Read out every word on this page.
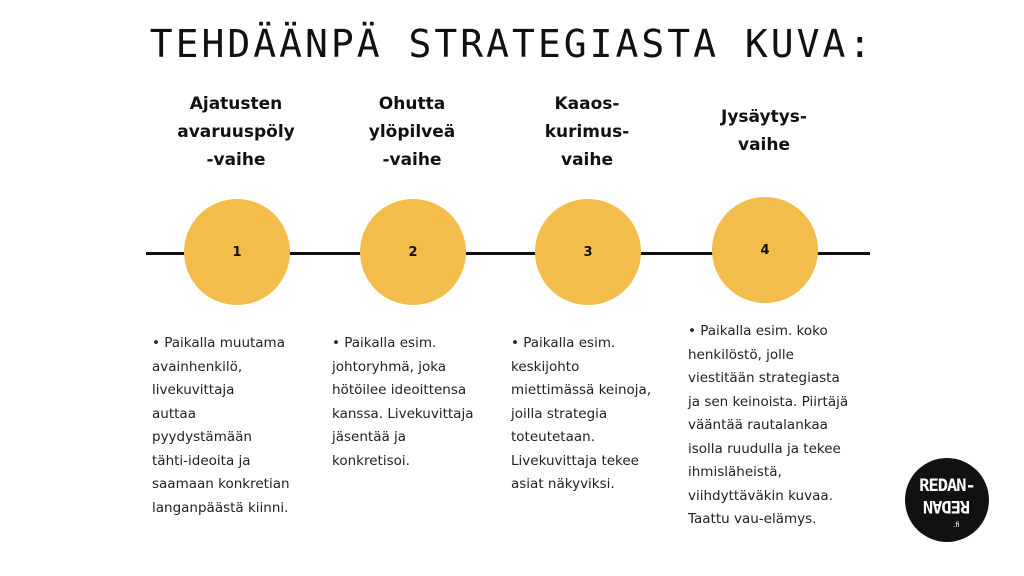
TEHDÄÄNPÄ STRATEGIASTA KUVA:
Ajatusten
avaruuspöly
-vaihe
1
• Paikalla muutama
avainhenkilö,
livekuvittaja
auttaa
pyydystämään
tähti-ideoita ja
saamaan konkretian
langanpäästä kiinni.
Ohutta
ylöpilveä
-vaihe
2
• Paikalla esim.
johtoryhmä, joka
hötöilee ideoittensa
kanssa. Livekuvittaja
jäsentää ja
konkretisoi.
Kaaos-
kurimus-
vaihe
3
• Paikalla esim.
keskijohto
miettimässä keinoja,
joilla strategia
toteutetaan.
Livekuvittaja tekee
asiat näkyviksi.
Jysäytys-
vaihe
4
• Paikalla esim. koko
henkilöstö, jolle
viestitään strategiasta
ja sen keinoista. Piirtäjä
vääntää rautalankaa
isolla ruudulla ja tekee
ihmisläheistä,
viihdyttäväkin kuvaa.
Taattu vau-elämys.
REDAN-
REDAN
.fi
